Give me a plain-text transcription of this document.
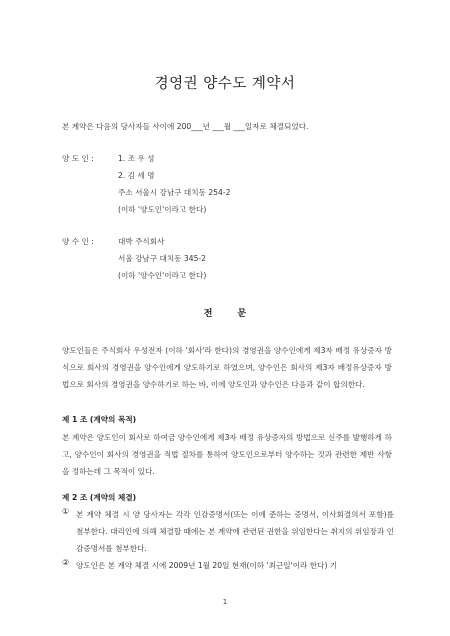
경영권 양수도 계약서
본 계약은 다음의 당사자들 사이에 200___년 ___월 ___일자로 체결되었다.
양 도 인 :	1. 조 우 성
2. 김 세 명
주소 서울시 강남구 대치동 254-2
(이하 '양도인'이라고 한다)
양 수 인 :	대박 주식회사
서울 강남구 대치동 345-2
(이하 '양수인'이라고 한다)
전        문
양도인들은 주식회사 우성전자 (이하 '회사'라 한다)의 경영권을 양수인에게 제3자 배정 유상증자 방식으로 회사의 경영권을 양수인에게 양도하기로 하였으며, 양수인은 회사의 제3자 배정유상증자 방법으로 회사의 경영권을 양수하기로 하는 바, 이에 양도인과 양수인은 다음과 같이 합의한다.
제 1 조 (계약의 목적)
본 계약은 양도인이 회사로 하여금 양수인에게 제3자 배정 유상증자의 방법으로 신주를 발행하게 하고, 양수인이 회사의 경영권을 적법 절차를 통하여 양도인으로부터 양수하는 것과 관련한 제반 사항을 정하는데 그 목적이 있다.
제 2 조 (계약의 체결)
① 본 계약 체결 시 양 당사자는 각각 인감증명서(또는 이에 준하는 증명서, 이사회결의서 포함)를 첨부한다. 대리인에 의해 체결할 때에는 본 계약에 관련된 권한을 위임한다는 취지의 위임장과 인감증명서를 첨부한다.
② 양도인은 본 계약 체결 시에 2009년 1월 20일 현재(이하 '최근일'이라 한다) 기
1
